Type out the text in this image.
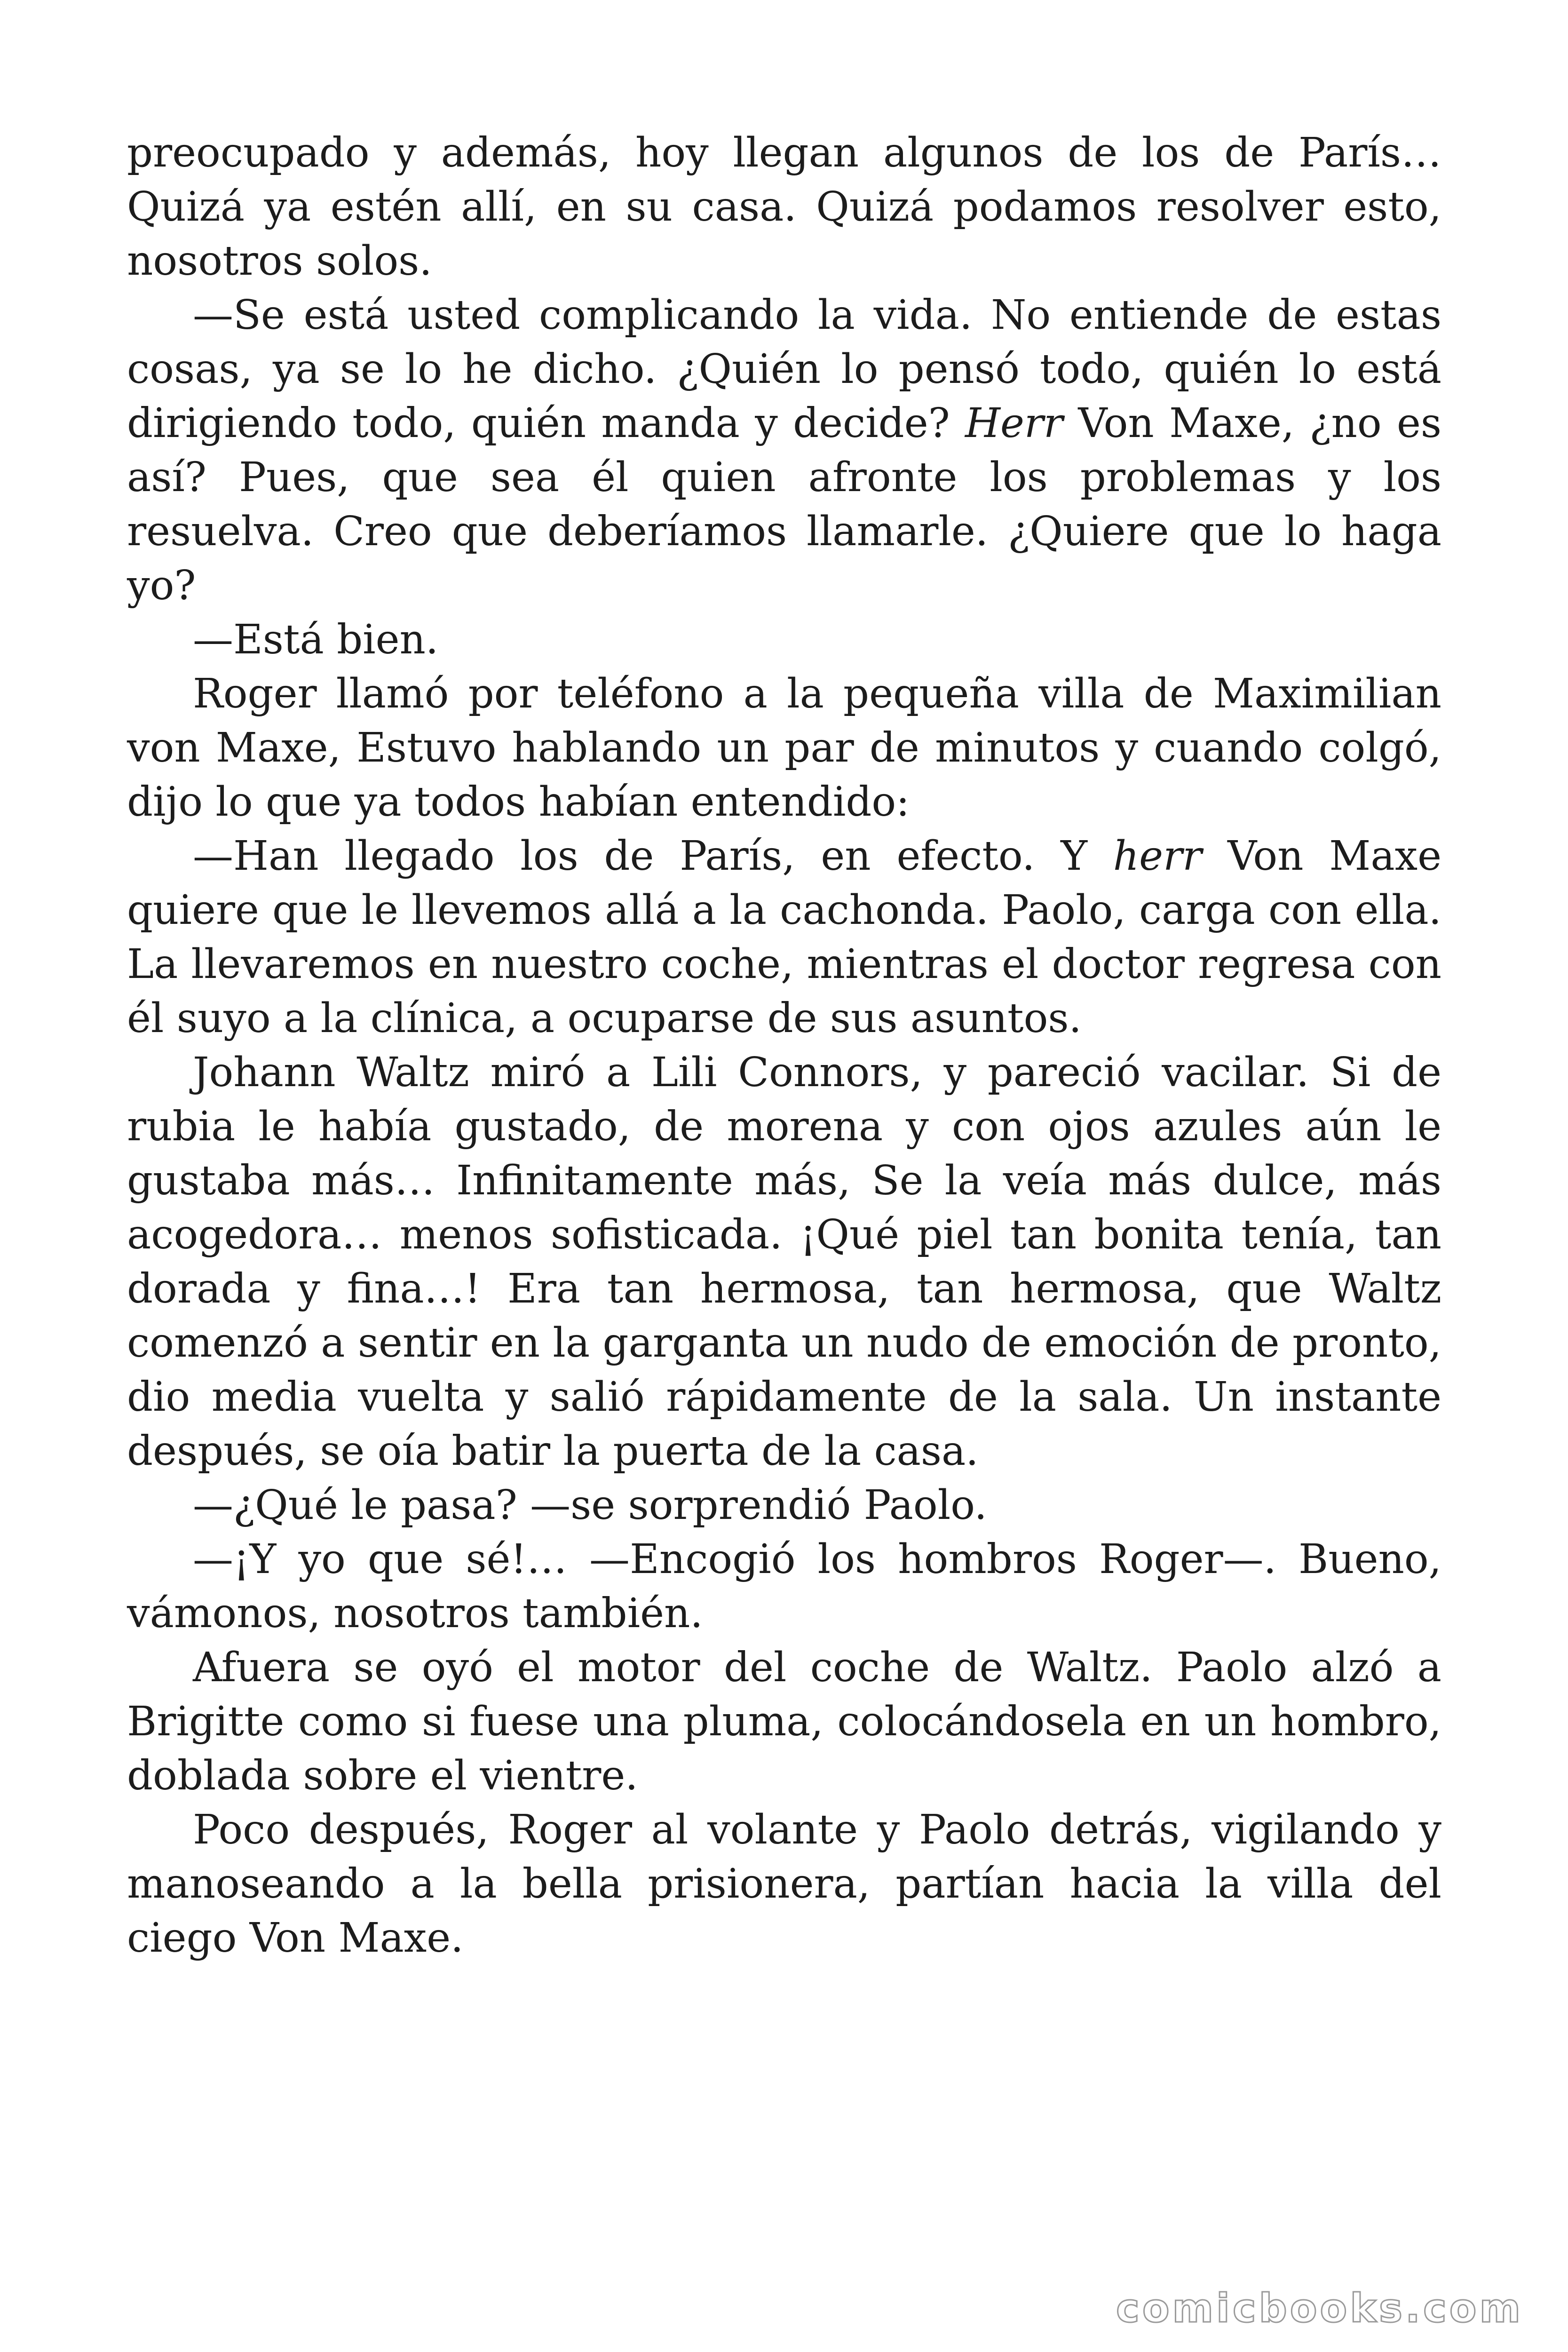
preocupado y además, hoy llegan algunos de los de París… Quizá ya estén allí, en su casa. Quizá podamos resolver esto, nosotros solos.

—Se está usted complicando la vida. No entiende de estas cosas, ya se lo he dicho. ¿Quién lo pensó todo, quién lo está dirigiendo todo, quién manda y decide? Herr Von Maxe, ¿no es así? Pues, que sea él quien afronte los problemas y los resuelva. Creo que deberíamos llamarle. ¿Quiere que lo haga yo?

—Está bien.

Roger llamó por teléfono a la pequeña villa de Maximilian von Maxe, Estuvo hablando un par de minutos y cuando colgó, dijo lo que ya todos habían entendido:

—Han llegado los de París, en efecto. Y herr Von Maxe quiere que le llevemos allá a la cachonda. Paolo, carga con ella. La llevaremos en nuestro coche, mientras el doctor regresa con él suyo a la clínica, a ocuparse de sus asuntos.

Johann Waltz miró a Lili Connors, y pareció vacilar. Si de rubia le había gustado, de morena y con ojos azules aún le gustaba más… Infinitamente más, Se la veía más dulce, más acogedora… menos sofisticada. ¡Qué piel tan bonita tenía, tan dorada y fina…! Era tan hermosa, tan hermosa, que Waltz comenzó a sentir en la garganta un nudo de emoción de pronto, dio media vuelta y salió rápidamente de la sala. Un instante después, se oía batir la puerta de la casa.

—¿Qué le pasa? —se sorprendió Paolo.

—¡Y yo que sé!… —Encogió los hombros Roger—. Bueno, vámonos, nosotros también.

Afuera se oyó el motor del coche de Waltz. Paolo alzó a Brigitte como si fuese una pluma, colocándosela en un hombro, doblada sobre el vientre.

Poco después, Roger al volante y Paolo detrás, vigilando y manoseando a la bella prisionera, partían hacia la villa del ciego Von Maxe.

comicbooks.com
